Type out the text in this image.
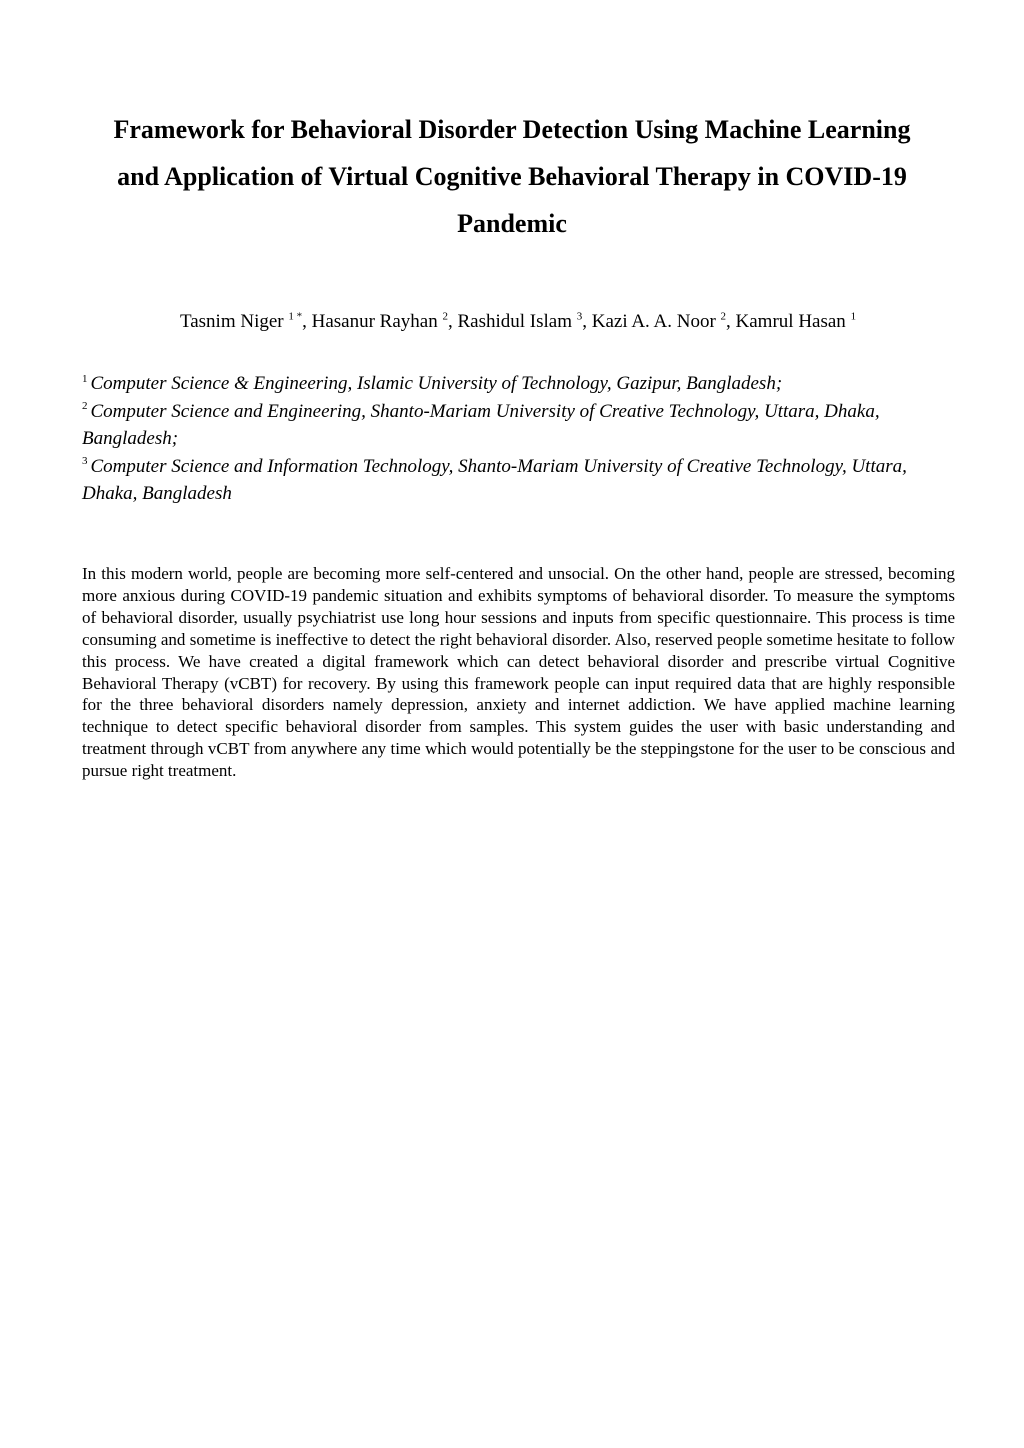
Framework for Behavioral Disorder Detection Using Machine Learning
and Application of Virtual Cognitive Behavioral Therapy in COVID-19
Pandemic

Tasnim Niger $^{1 *}$, Hasanur Rayhan $^2$, Rashidul Islam $^3$, Kazi A. A. Noor $^2$, Kamrul Hasan $^1$

$^1$ Computer Science & Engineering, Islamic University of Technology, Gazipur, Bangladesh;
$^2$ Computer Science and Engineering, Shanto-Mariam University of Creative Technology, Uttara, Dhaka, Bangladesh;
$^3$ Computer Science and Information Technology, Shanto-Mariam University of Creative Technology, Uttara, Dhaka, Bangladesh

In this modern world, people are becoming more self-centered and unsocial. On the other hand, people are stressed, becoming more anxious during COVID-19 pandemic situation and exhibits symptoms of behavioral disorder. To measure the symptoms of behavioral disorder, usually psychiatrist use long hour sessions and inputs from specific questionnaire. This process is time consuming and sometime is ineffective to detect the right behavioral disorder. Also, reserved people sometime hesitate to follow this process. We have created a digital framework which can detect behavioral disorder and prescribe virtual Cognitive Behavioral Therapy (vCBT) for recovery. By using this framework people can input required data that are highly responsible for the three behavioral disorders namely depression, anxiety and internet addiction. We have applied machine learning technique to detect specific behavioral disorder from samples. This system guides the user with basic understanding and treatment through vCBT from anywhere any time which would potentially be the steppingstone for the user to be conscious and pursue right treatment.
